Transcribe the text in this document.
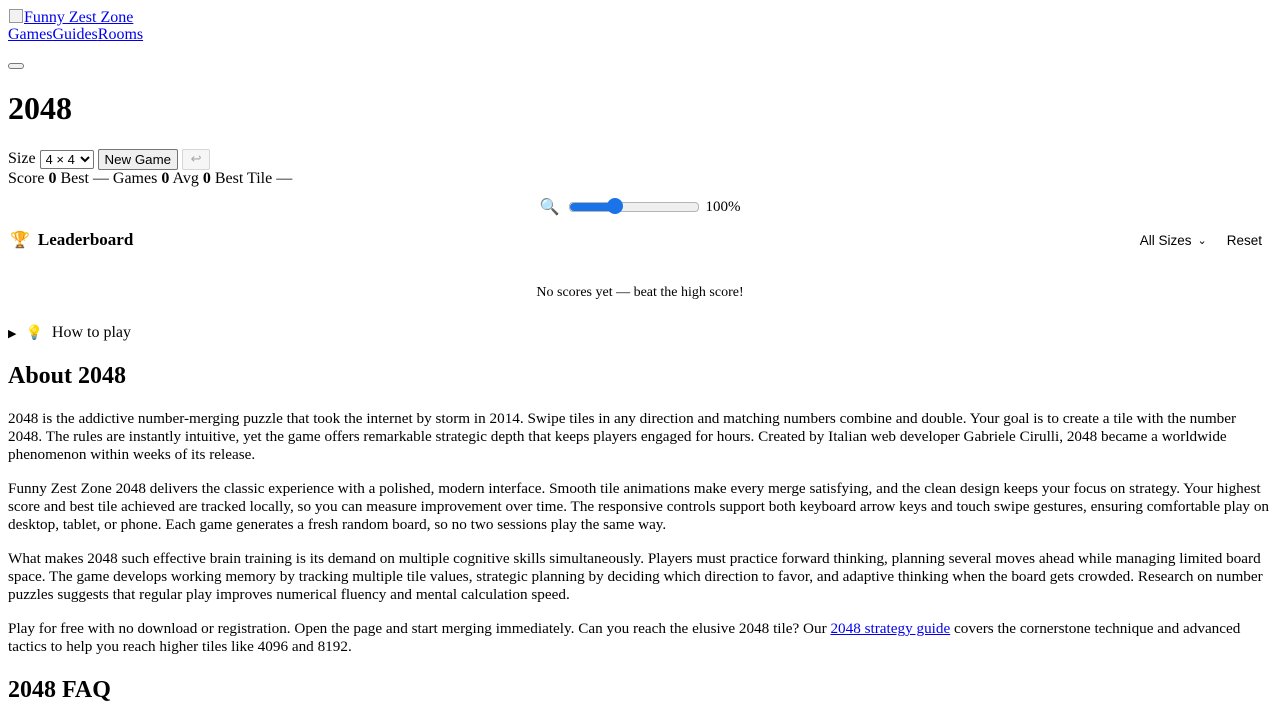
Funny Zest Zone
GamesGuidesRooms
2048
Size
4 × 4	New Game	↩
Score 0 Best — Games 0 Avg 0 Best Tile —
🔍	100%
🏆 Leaderboard	All Sizes ⌄ Reset
No scores yet — beat the high score!
▶ 💡 How to play
About 2048

2048 is the addictive number-merging puzzle that took the internet by storm in 2014. Swipe tiles in any direction and matching numbers combine and double. Your goal is to create a tile with the number 2048. The rules are instantly intuitive, yet the game offers remarkable strategic depth that keeps players engaged for hours. Created by Italian web developer Gabriele Cirulli, 2048 became a worldwide phenomenon within weeks of its release.

Funny Zest Zone 2048 delivers the classic experience with a polished, modern interface. Smooth tile animations make every merge satisfying, and the clean design keeps your focus on strategy. Your highest score and best tile achieved are tracked locally, so you can measure improvement over time. The responsive controls support both keyboard arrow keys and touch swipe gestures, ensuring comfortable play on desktop, tablet, or phone. Each game generates a fresh random board, so no two sessions play the same way.

What makes 2048 such effective brain training is its demand on multiple cognitive skills simultaneously. Players must practice forward thinking, planning several moves ahead while managing limited board space. The game develops working memory by tracking multiple tile values, strategic planning by deciding which direction to favor, and adaptive thinking when the board gets crowded. Research on number puzzles suggests that regular play improves numerical fluency and mental calculation speed.

Play for free with no download or registration. Open the page and start merging immediately. Can you reach the elusive 2048 tile? Our 2048 strategy guide covers the cornerstone technique and advanced tactics to help you reach higher tiles like 4096 and 8192.

2048 FAQ
